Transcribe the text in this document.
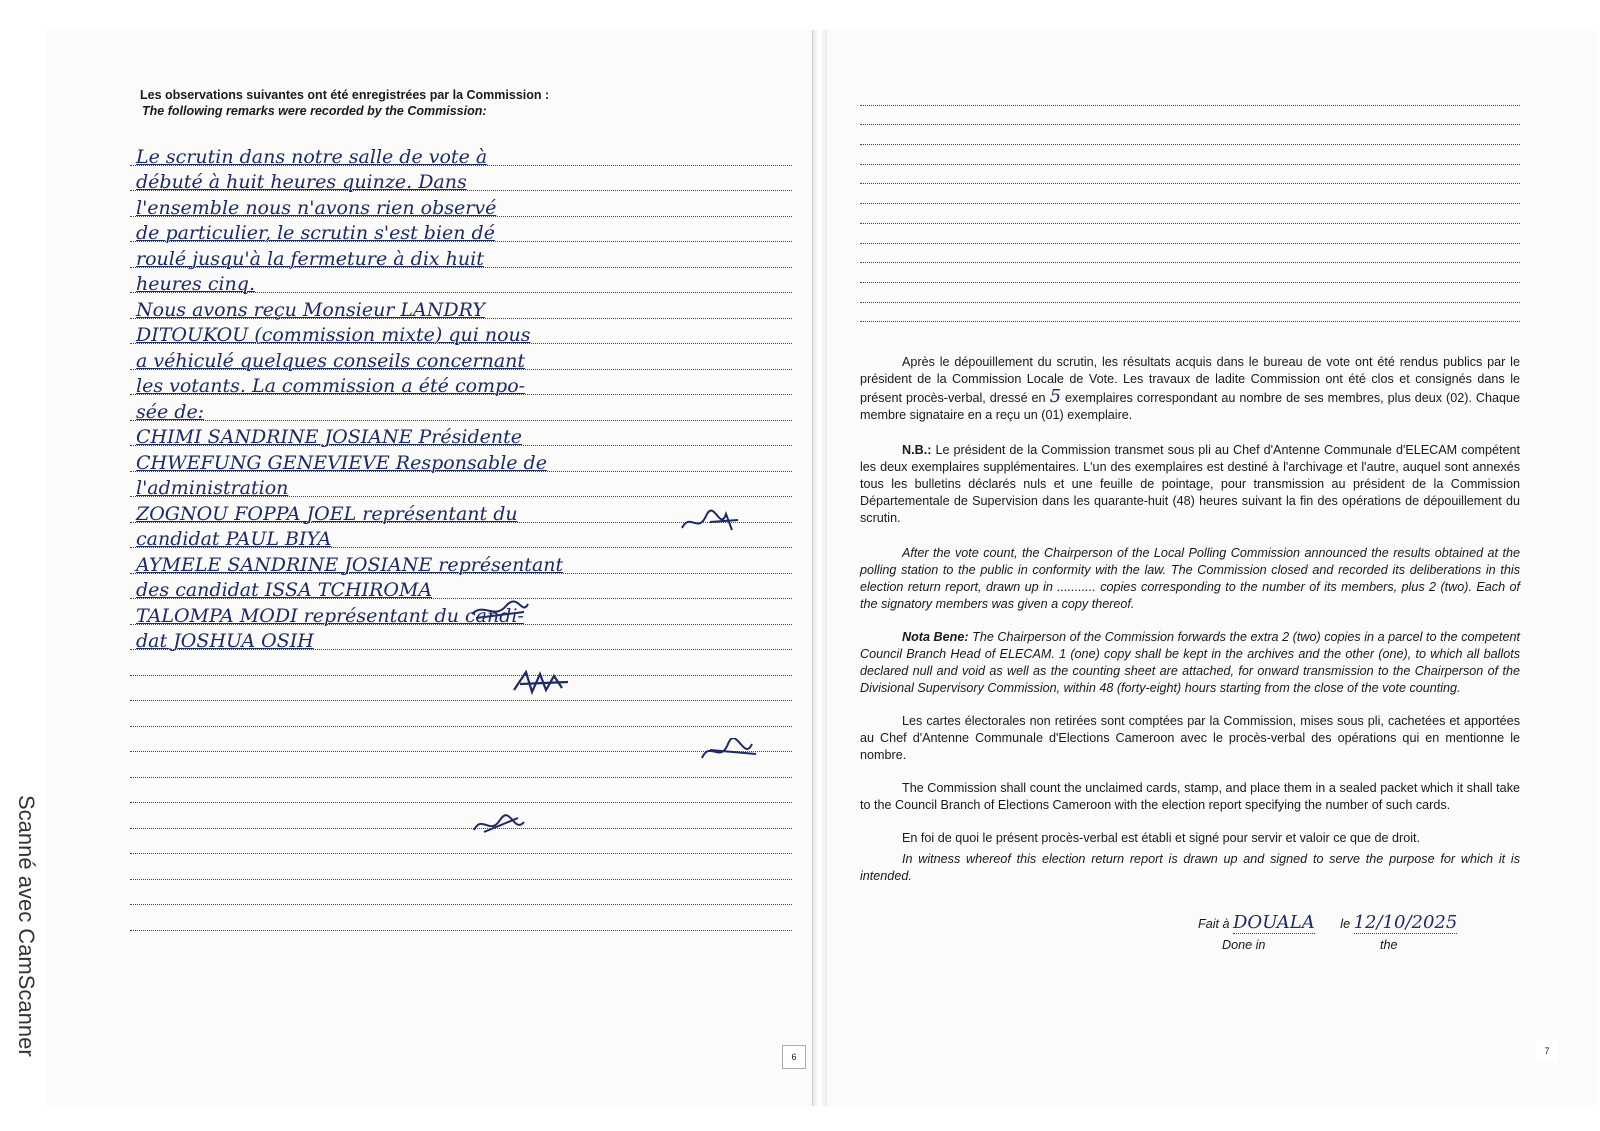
Scanné avec CamScanner

Les observations suivantes ont été enregistrées par la Commission :

The following remarks were recorded by the Commission:

Le scrutin dans notre salle de vote à
débuté à huit heures quinze. Dans
l'ensemble nous n'avons rien observé
de particulier, le scrutin s'est bien dé
roulé jusqu'à la fermeture à dix huit
heures cinq.
Nous avons reçu Monsieur LANDRY
DITOUKOU (commission mixte) qui nous
a véhiculé quelques conseils concernant
les votants. La commission a été compo-
sée de:
CHIMI SANDRINE JOSIANE Présidente
CHWEFUNG GENEVIEVE Responsable de
l'administration
ZOGNOU FOPPA JOEL représentant du
candidat PAUL BIYA
AYMELE SANDRINE JOSIANE représentant
des candidat ISSA TCHIROMA
TALOMPA MODI représentant du candi-
dat JOSHUA OSIH
6

Après le dépouillement du scrutin, les résultats acquis dans le bureau de vote ont été rendus publics par le président de la Commission Locale de Vote. Les travaux de ladite Commission ont été clos et consignés dans le présent procès-verbal, dressé en 5 exemplaires correspondant au nombre de ses membres, plus deux (02). Chaque membre signataire en a reçu un (01) exemplaire.

N.B.: Le président de la Commission transmet sous pli au Chef d'Antenne Communale d'ELECAM compétent les deux exemplaires supplémentaires. L'un des exemplaires est destiné à l'archivage et l'autre, auquel sont annexés tous les bulletins déclarés nuls et une feuille de pointage, pour transmission au président de la Commission Départementale de Supervision dans les quarante-huit (48) heures suivant la fin des opérations de dépouillement du scrutin.

After the vote count, the Chairperson of the Local Polling Commission announced the results obtained at the polling station to the public in conformity with the law. The Commission closed and recorded its deliberations in this election return report, drawn up in ........... copies corresponding to the number of its members, plus 2 (two). Each of the signatory members was given a copy thereof.

Nota Bene: The Chairperson of the Commission forwards the extra 2 (two) copies in a parcel to the competent Council Branch Head of ELECAM. 1 (one) copy shall be kept in the archives and the other (one), to which all ballots declared null and void as well as the counting sheet are attached, for onward transmission to the Chairperson of the Divisional Supervisory Commission, within 48 (forty-eight) hours starting from the close of the vote counting.

Les cartes électorales non retirées sont comptées par la Commission, mises sous pli, cachetées et apportées au Chef d'Antenne Communale d'Elections Cameroon avec le procès-verbal des opérations qui en mentionne le nombre.

The Commission shall count the unclaimed cards, stamp, and place them in a sealed packet which it shall take to the Council Branch of Elections Cameroon with the election report specifying the number of such cards.

En foi de quoi le présent procès-verbal est établi et signé pour servir et valoir ce que de droit.

In witness whereof this election return report is drawn up and signed to serve the purpose for which it is intended.

Fait à DOUALA le 12/10/2025
Done in	the
7
